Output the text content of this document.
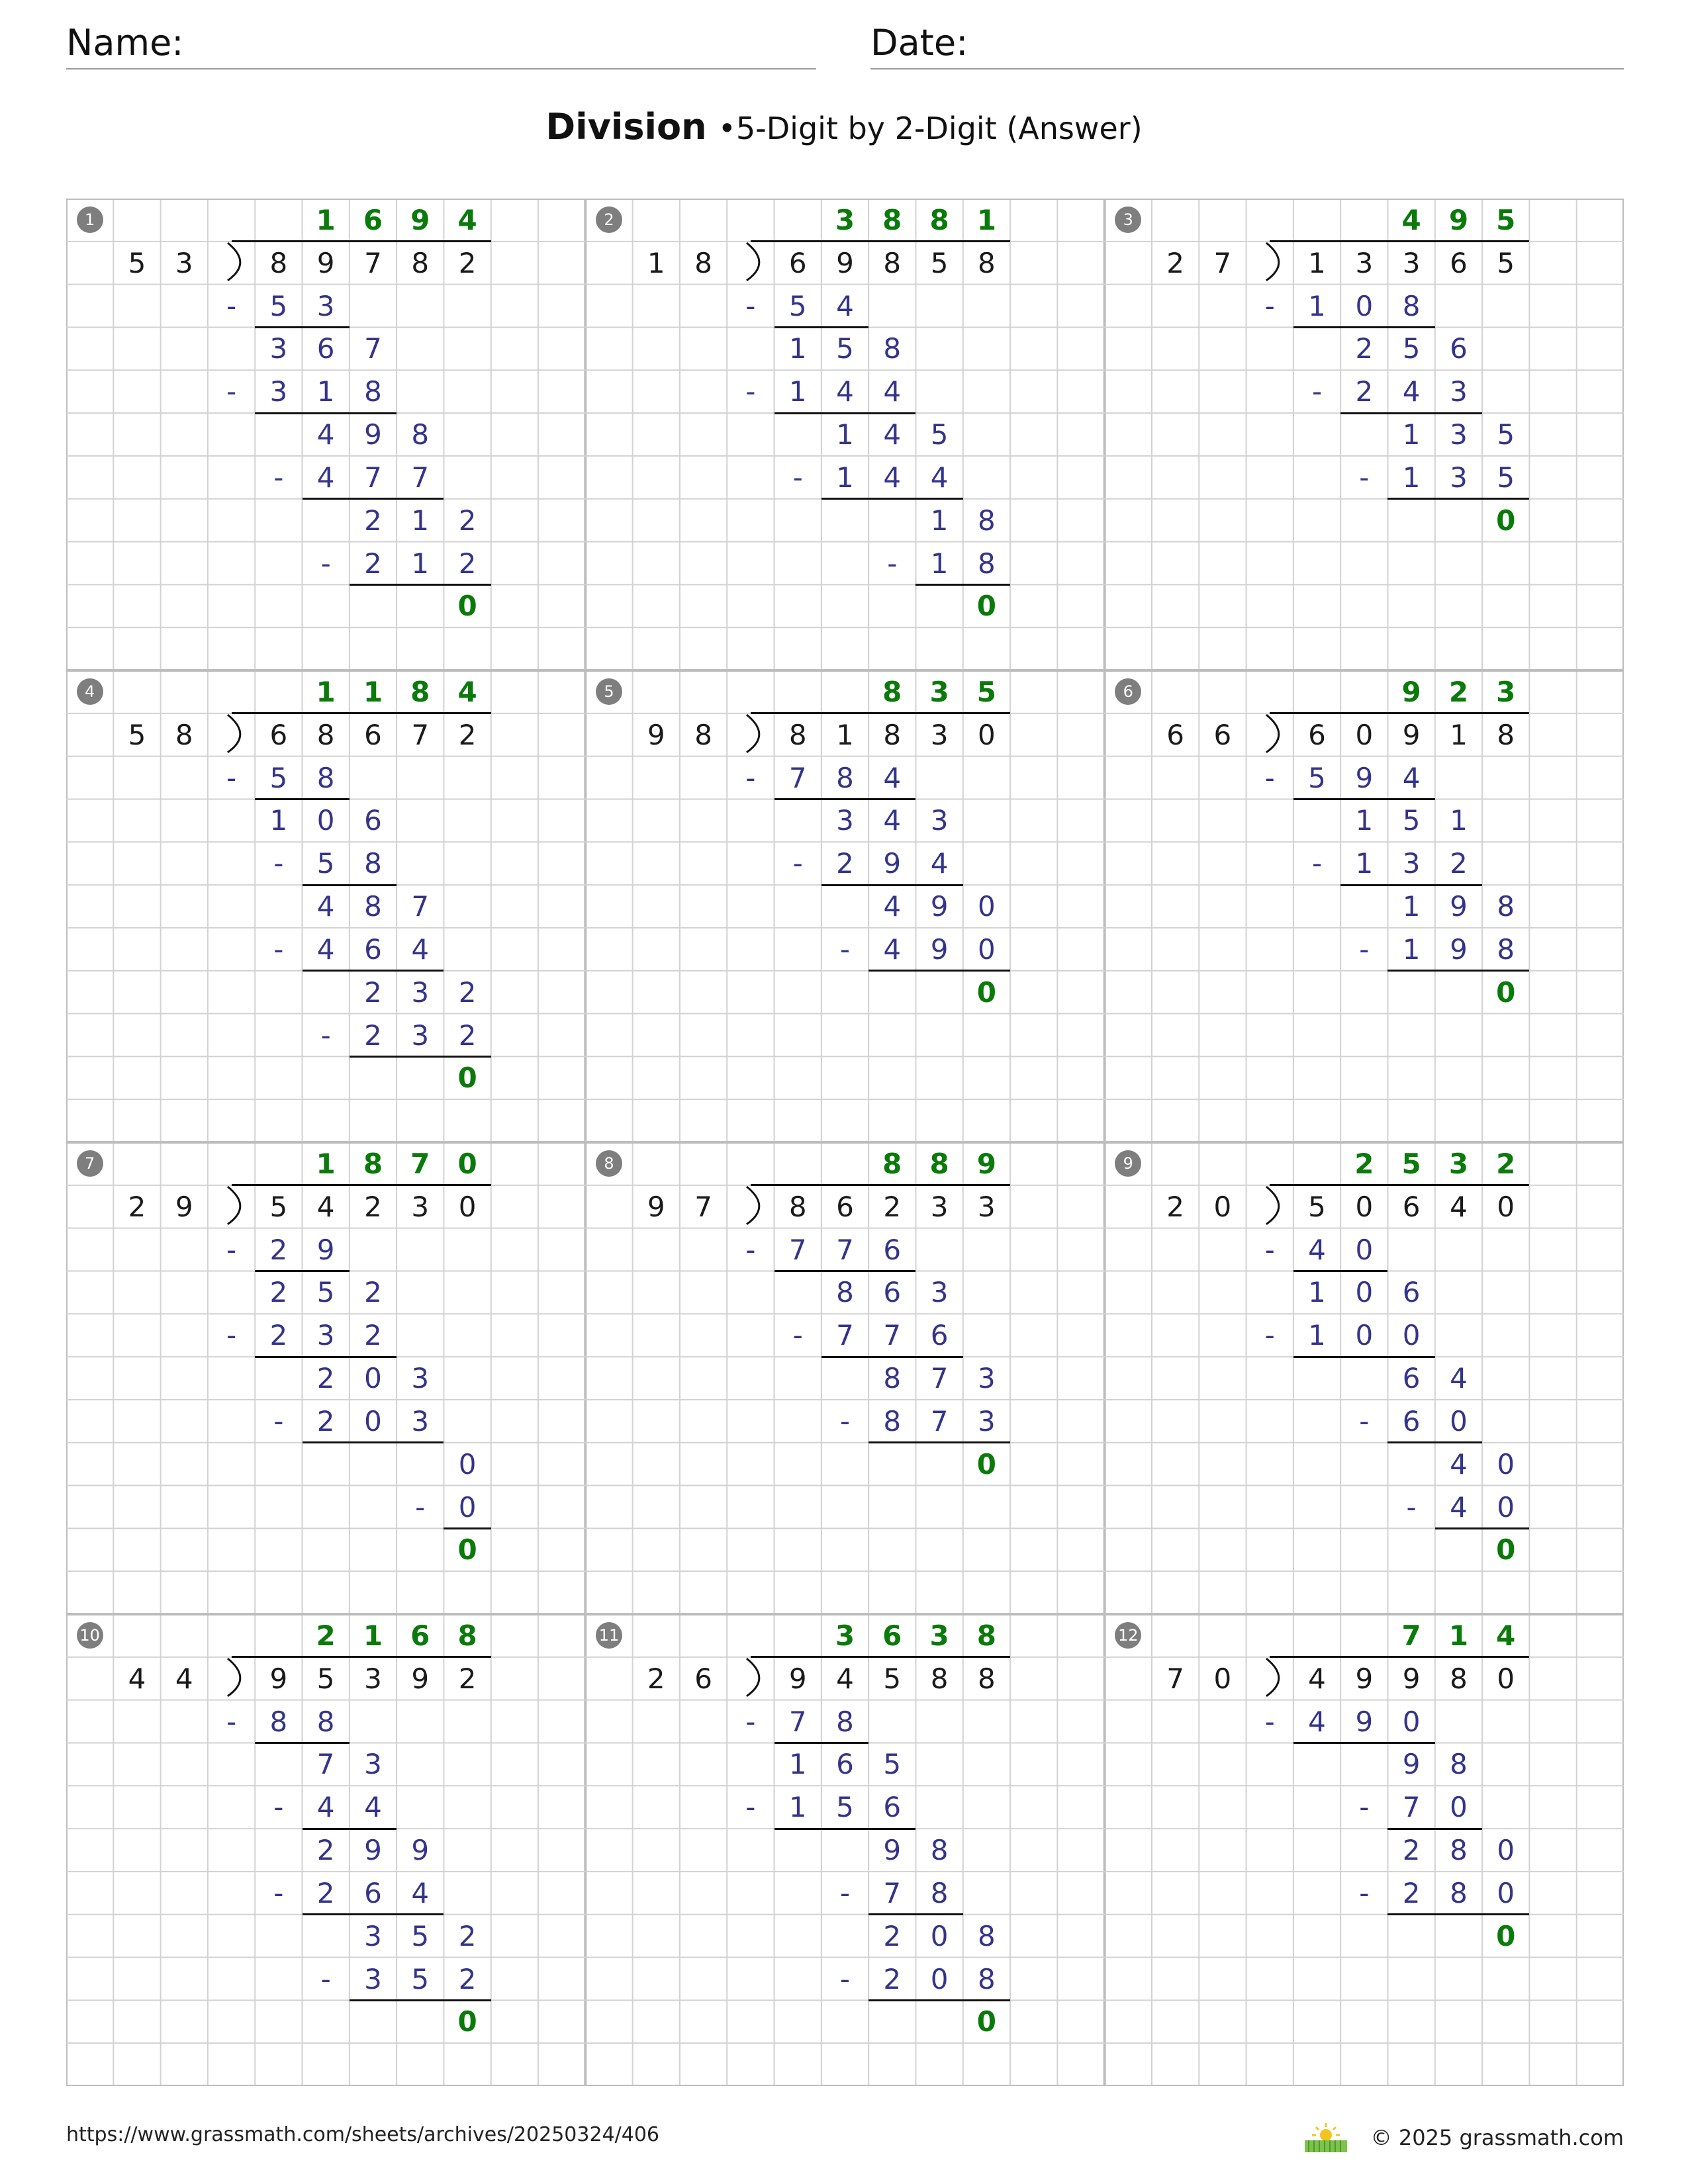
Name:	Date:
Division •5-Digit by 2-Digit (Answer)
1
5	3	8	9	7	8	2
1	6	9	4
-	5	3
3	6	7
-	3	1	8
4	9	8
-	4	7	7
2	1	2
-	2	1	2
0
2
1	8	6	9	8	5	8
3	8	8	1
-	5	4
1	5	8
-	1	4	4
1	4	5
-	1	4	4
1	8
-	1	8
0
3
2	7	1	3	3	6	5
4	9	5
-	1	0	8
2	5	6
-	2	4	3
1	3	5
-	1	3	5
0
4
5	8	6	8	6	7	2
1	1	8	4
-	5	8
1	0	6
-	5	8
4	8	7
-	4	6	4
2	3	2
-	2	3	2
0
5
9	8	8	1	8	3	0
8	3	5
-	7	8	4
3	4	3
-	2	9	4
4	9	0
-	4	9	0
0
6
6	6	6	0	9	1	8
9	2	3
-	5	9	4
1	5	1
-	1	3	2
1	9	8
-	1	9	8
0
7
2	9	5	4	2	3	0
1	8	7	0
-	2	9
2	5	2
-	2	3	2
2	0	3
-	2	0	3
0
-	0
0
8
9	7	8	6	2	3	3
8	8	9
-	7	7	6
8	6	3
-	7	7	6
8	7	3
-	8	7	3
0
9
2	0	5	0	6	4	0
2	5	3	2
-	4	0
1	0	6
-	1	0	0
6	4
-	6	0
4	0
-	4	0
0
10
4	4	9	5	3	9	2
2	1	6	8
-	8	8
7	3
-	4	4
2	9	9
-	2	6	4
3	5	2
-	3	5	2
0
11
2	6	9	4	5	8	8
3	6	3	8
-	7	8
1	6	5
-	1	5	6
9	8
-	7	8
2	0	8
-	2	0	8
0
12
7	0	4	9	9	8	0
7	1	4
-	4	9	0
9	8
-	7	0
2	8	0
-	2	8	0
0
https://www.grassmath.com/sheets/archives/20250324/406	© 2025 grassmath.com
